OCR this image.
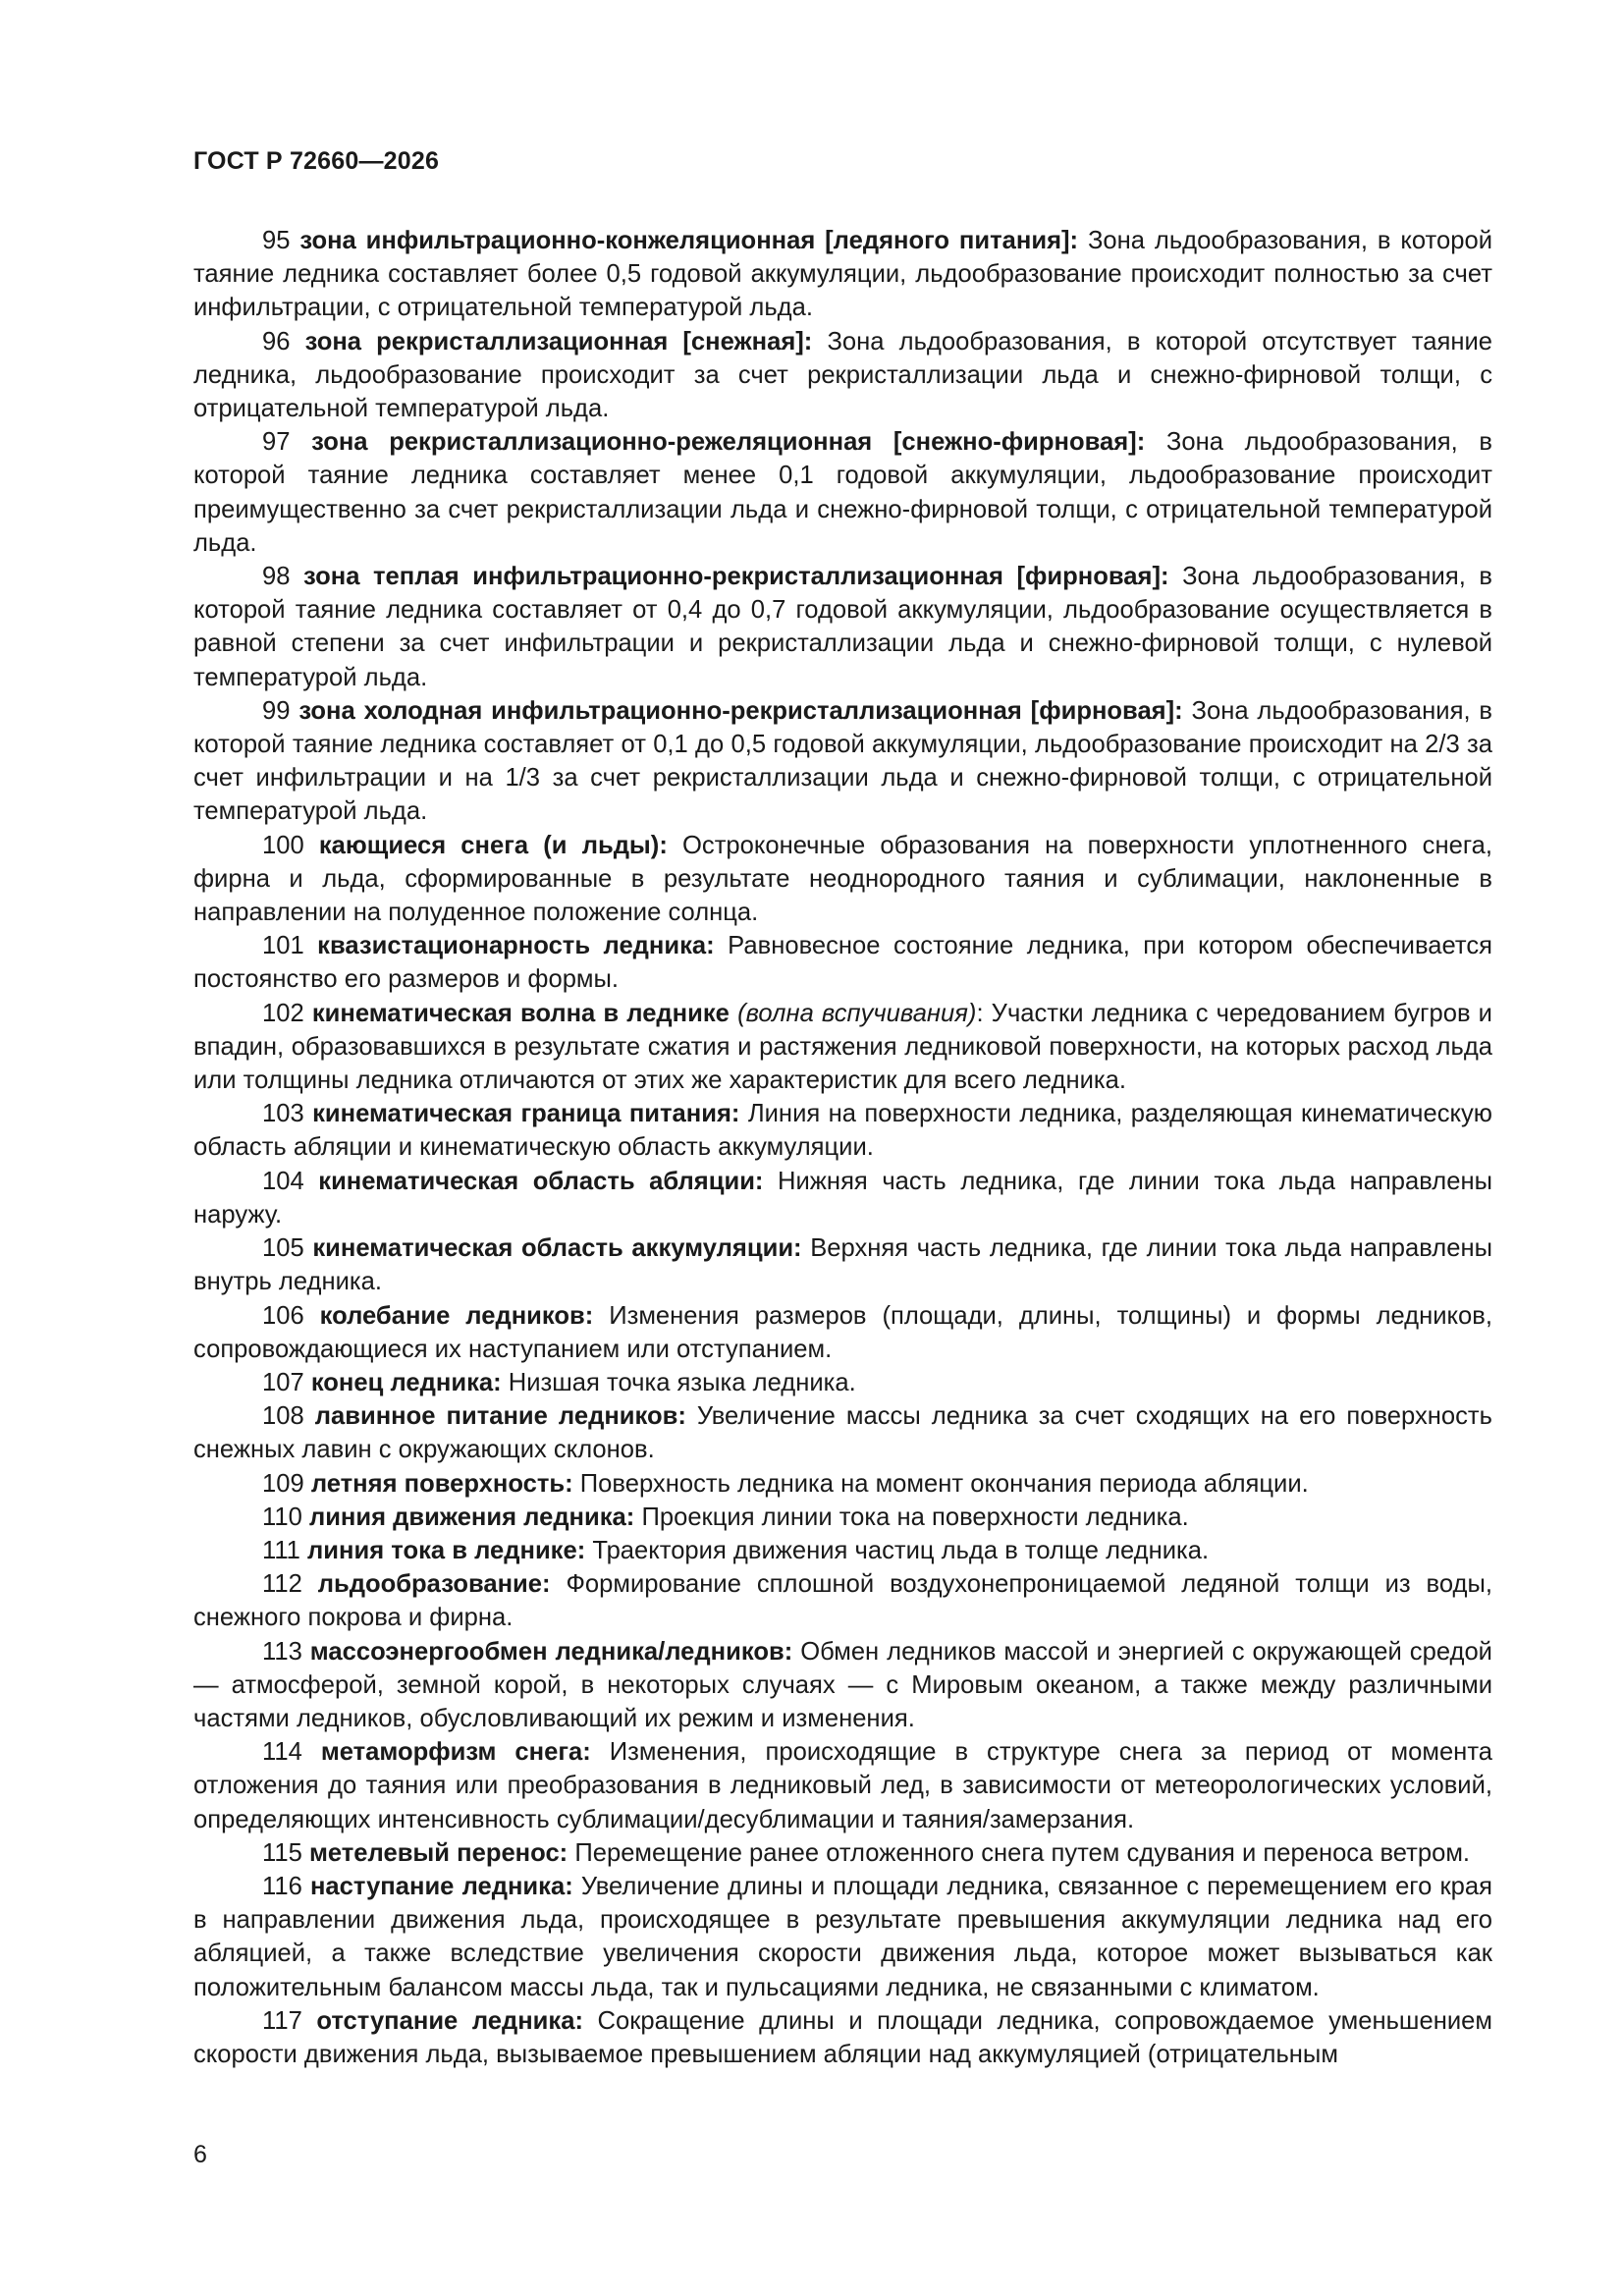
ГОСТ Р 72660—2026

95 зона инфильтрационно-конжеляционная [ледяного питания]: Зона льдообразования, в которой таяние ледника составляет более 0,5 годовой аккумуляции, льдообразование происходит полностью за счет инфильтрации, с отрицательной температурой льда.

96 зона рекристаллизационная [снежная]: Зона льдообразования, в которой отсутствует таяние ледника, льдообразование происходит за счет рекристаллизации льда и снежно-фирновой толщи, с отрицательной температурой льда.

97 зона рекристаллизационно-режеляционная [снежно-фирновая]: Зона льдообразования, в которой таяние ледника составляет менее 0,1 годовой аккумуляции, льдообразование происходит преимущественно за счет рекристаллизации льда и снежно-фирновой толщи, с отрицательной температурой льда.

98 зона теплая инфильтрационно-рекристаллизационная [фирновая]: Зона льдообразования, в которой таяние ледника составляет от 0,4 до 0,7 годовой аккумуляции, льдообразование осуществляется в равной степени за счет инфильтрации и рекристаллизации льда и снежно-фирновой толщи, с нулевой температурой льда.

99 зона холодная инфильтрационно-рекристаллизационная [фирновая]: Зона льдообразования, в которой таяние ледника составляет от 0,1 до 0,5 годовой аккумуляции, льдообразование происходит на 2/3 за счет инфильтрации и на 1/3 за счет рекристаллизации льда и снежно-фирновой толщи, с отрицательной температурой льда.

100 кающиеся снега (и льды): Остроконечные образования на поверхности уплотненного снега, фирна и льда, сформированные в результате неоднородного таяния и сублимации, наклоненные в направлении на полуденное положение солнца.

101 квазистационарность ледника: Равновесное состояние ледника, при котором обеспечивается постоянство его размеров и формы.

102 кинематическая волна в леднике (волна вспучивания): Участки ледника с чередованием бугров и впадин, образовавшихся в результате сжатия и растяжения ледниковой поверхности, на которых расход льда или толщины ледника отличаются от этих же характеристик для всего ледника.

103 кинематическая граница питания: Линия на поверхности ледника, разделяющая кинематическую область абляции и кинематическую область аккумуляции.

104 кинематическая область абляции: Нижняя часть ледника, где линии тока льда направлены наружу.

105 кинематическая область аккумуляции: Верхняя часть ледника, где линии тока льда направлены внутрь ледника.

106 колебание ледников: Изменения размеров (площади, длины, толщины) и формы ледников, сопровождающиеся их наступанием или отступанием.

107 конец ледника: Низшая точка языка ледника.

108 лавинное питание ледников: Увеличение массы ледника за счет сходящих на его поверхность снежных лавин с окружающих склонов.

109 летняя поверхность: Поверхность ледника на момент окончания периода абляции.

110 линия движения ледника: Проекция линии тока на поверхности ледника.

111 линия тока в леднике: Траектория движения частиц льда в толще ледника.

112 льдообразование: Формирование сплошной воздухонепроницаемой ледяной толщи из воды, снежного покрова и фирна.

113 массоэнергообмен ледника/ледников: Обмен ледников массой и энергией с окружающей средой — атмосферой, земной корой, в некоторых случаях — с Мировым океаном, а также между различными частями ледников, обусловливающий их режим и изменения.

114 метаморфизм снега: Изменения, происходящие в структуре снега за период от момента отложения до таяния или преобразования в ледниковый лед, в зависимости от метеорологических условий, определяющих интенсивность сублимации/десублимации и таяния/замерзания.

115 метелевый перенос: Перемещение ранее отложенного снега путем сдувания и переноса ветром.

116 наступание ледника: Увеличение длины и площади ледника, связанное с перемещением его края в направлении движения льда, происходящее в результате превышения аккумуляции ледника над его абляцией, а также вследствие увеличения скорости движения льда, которое может вызываться как положительным балансом массы льда, так и пульсациями ледника, не связанными с климатом.

117 отступание ледника: Сокращение длины и площади ледника, сопровождаемое уменьшением скорости движения льда, вызываемое превышением абляции над аккумуляцией (отрицательным

6
